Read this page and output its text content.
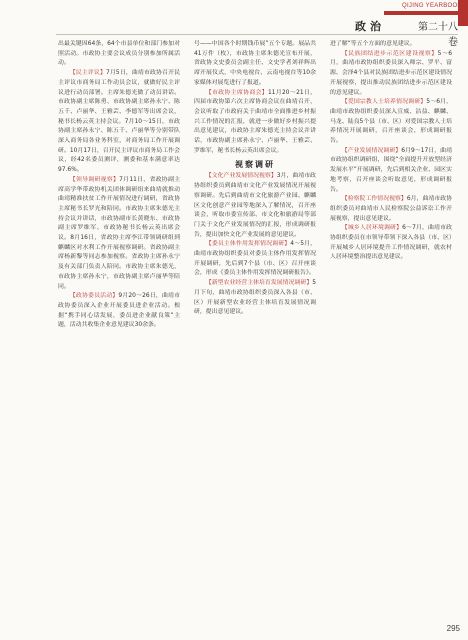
QIJING YEARBOOK
政治	第二十八卷

出最关键因64条，64个市县单位和部门参加对照活动。市政协主要会议成员分别参加所属活动。

【民主评议】7月5日，曲靖市政协召开民主评议市商务局工作动员会议，就做好民主评议进行动员部署。主席朱德光做了动员讲话。市政协副主席陈勇、市政协副主席孙永宁、陈五千、卢丽华、王雅芸、李德军等出席会议，秘书长杨云英主持会议。7月10～15日，市政协副主席孙永宁、陈五千、卢丽华等分别带队深入商务局各业务科室，对商务局工作开展调研。10月17日，召开民主评议市商务局工作会议，经42名委员测评，测委和基本满意率达97.6%。

【领导调研视察】7月11日，省政协副主席高学华带政协机关团体调研组来曲靖就推动曲靖精准扶贫工作开展情况进行调研，省政协主席秘书长罗光和陪同。市政协主席朱德光主持会议并讲话，市政协副市长黄晓东、市政协副主席罗维军、市政协秘书长杨云英出席会议。8月16日，省政协主席李江带领调研组到麒麟区对水利工作开展视察调研。省政协副主席杨新黎等同志参加视察。省政协主席孙永宁及有关部门负责人陪同。市政协主席朱德光，市政协主席孙永宁，市政协副主席卢丽华等陪同。

【政协委员活动】9月20～26日，曲靖市政协委员深入企业开展委员进企业活动。根据“携手同心话发展，委员进企业献良策”主题，活动共收集企业意见建议30余条。

号——中国各个时期钱币展”五个专题。展品共41万件（枚），市政协主席朱德光宣布开展，省政协文史委员会副主任、文史学者刘祥辉出席开展仪式，中央电视台、云南电视台等10余家媒体对展览进行了报道。

【市政协主席协商会】11月20～21日，四届市政协第六次主席协商会议在曲靖召开，会议听取了市政府关于曲靖市全面推进乡村振兴工作情况的汇报，就进一步做好乡村振兴提出意见建议，市政协主席朱德光主持会议并讲话，市政协副主席孙永宁、卢丽华、王雅芸、罗维军，秘书长杨云英出席会议。

视察调研

【文化产业发展情况视察】3月，曲靖市政协组织委员到曲靖市文化产业发展情况开展视察调研。先后到曲靖市文化旅游产业园、麒麟区文化创意产业园等地深入了解情况，召开座谈会，听取市委宣传部、市文化和旅游局等部门关于文化产业发展情况的汇报，形成调研报告，提出加快文化产业发展的意见建议。

【委员主体作用发挥情况调研】4～5月，曲靖市政协组织委员对委员主体作用发挥情况开展调研，先后到7个县（市、区）召开座谈会，形成《委员主体作用发挥情况调研报告》。

【新型农业经营主体培育发展情况调研】5月下旬，曲靖市政协组织委员深入各县（市、区）开展新型农业经营主体培育发展情况调研，提出意见建议。

进了解“等五个方面的意见建议。

【民族团结进步示范区建设视察】5～6月，曲靖市政协组织委员深入师宗、罗平、富源、会泽4个县对民族团结进步示范区建设情况开展视察，提出推动民族团结进步示范区建设的意见建议。

【爱国宗教人士培养情况调研】5～6月，曲靖市政协组织委员深入宣威、沾益、麒麟、马龙、陆良5个县（市、区）对爱国宗教人士培养情况开展调研，召开座谈会，形成调研报告。

【产业发展情况调研】6月9～17日，曲靖市政协组织调研组，围绕“全面提升开放型经济发展水平”开展调研，先后到相关企业、园区实地考察，召开座谈会听取意见，形成调研报告。

【检察院工作情况视察】6月，曲靖市政协组织委员对曲靖市人民检察院公益诉讼工作开展视察，提出意见建议。

【城乡人居环境调研】6～7月，曲靖市政协组织委员在市领导带领下深入各县（市、区）开展城乡人居环境提升工作情况调研，就农村人居环境整治提出意见建议。

295
